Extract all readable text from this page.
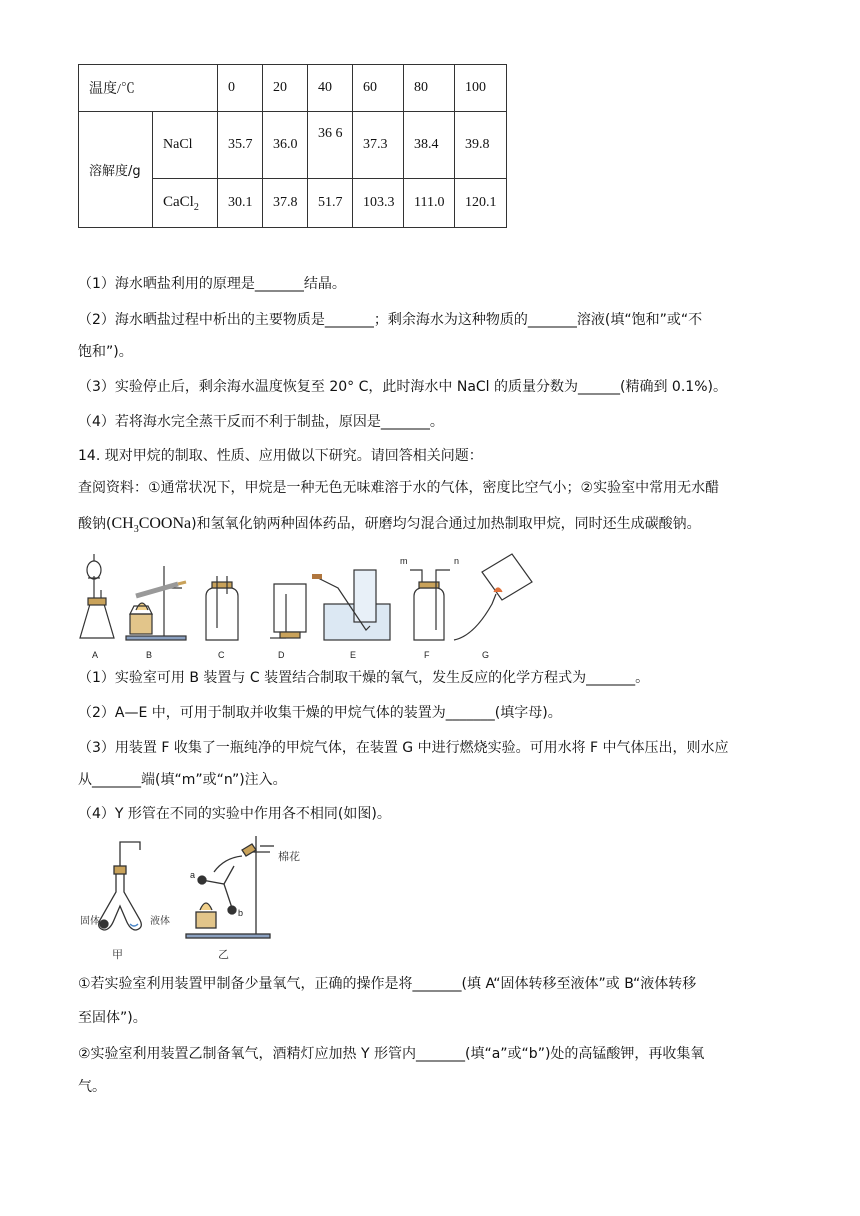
温度/℃		0	20	40	60	80	100
溶解度/g	NaCl	35.7	36.0	36 6	37.3	38.4	39.8
	CaCl$_2$	30.1	37.8	51.7	103.3	111.0	120.1
（1）海水晒盐利用的原理是_______结晶。
（2）海水晒盐过程中析出的主要物质是_______；剩余海水为这种物质的_______溶液(填“饱和”或“不
饱和”)。
（3）实验停止后，剩余海水温度恢复至 20° C，此时海水中 NaCl 的质量分数为______(精确到 0.1%)。
（4）若将海水完全蒸干反而不利于制盐，原因是_______。
14. 现对甲烷的制取、性质、应用做以下研究。请回答相关问题：
查阅资料：①通常状况下，甲烷是一种无色无味难溶于水的气体，密度比空气小；②实验室中常用无水醋
酸钠$(CH_3COONa)$和氢氧化钠两种固体药品，研磨均匀混合通过加热制取甲烷，同时还生成碳酸钠。
A	B	C	D	E	F	G
m	n
（1）实验室可用 B 装置与 C 装置结合制取干燥的氧气，发生反应的化学方程式为_______。
（2）A—E 中，可用于制取并收集干燥的甲烷气体的装置为_______(填字母)。
（3）用装置 F 收集了一瓶纯净的甲烷气体，在装置 G 中进行燃烧实验。可用水将 F 中气体压出，则水应
从_______端(填“m”或“n”)注入。
（4）Y 形管在不同的实验中作用各不相同(如图)。
固体	液体
甲	乙
棉花
a
b
①若实验室利用装置甲制备少量氧气，正确的操作是将_______(填 A“固体转移至液体”或 B“液体转移
至固体”)。
②实验室利用装置乙制备氧气，酒精灯应加热 Y 形管内_______(填“a”或“b”)处的高锰酸钾，再收集氧
气。
